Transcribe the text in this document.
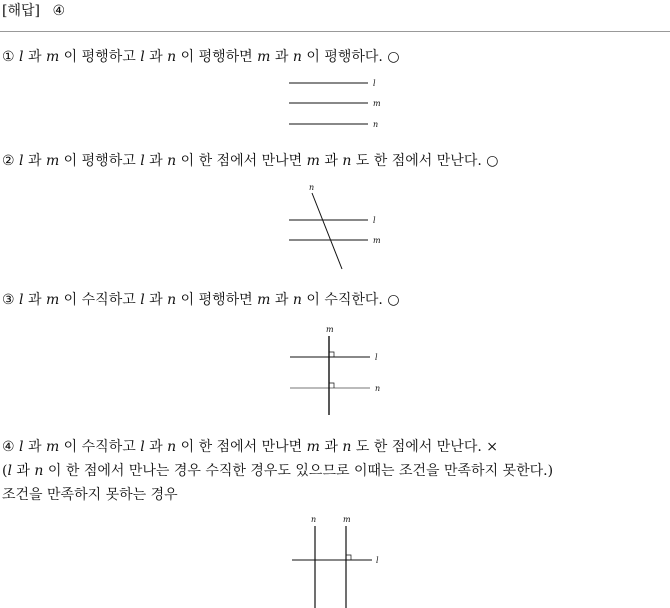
[해답] ④
① l 과 m 이 평행하고 l 과 n 이 평행하면 m 과 n 이 평행하다. ○
l
m
n
② l 과 m 이 평행하고 l 과 n 이 한 점에서 만나면 m 과 n 도 한 점에서 만난다. ○
n
l
m
③ l 과 m 이 수직하고 l 과 n 이 평행하면 m 과 n 이 수직한다. ○
m
l
n
④ l 과 m 이 수직하고 l 과 n 이 한 점에서 만나면 m 과 n 도 한 점에서 만난다. ×
(l 과 n 이 한 점에서 만나는 경우 수직한 경우도 있으므로 이때는 조건을 만족하지 못한다.)
조건을 만족하지 못하는 경우
n	m
l
